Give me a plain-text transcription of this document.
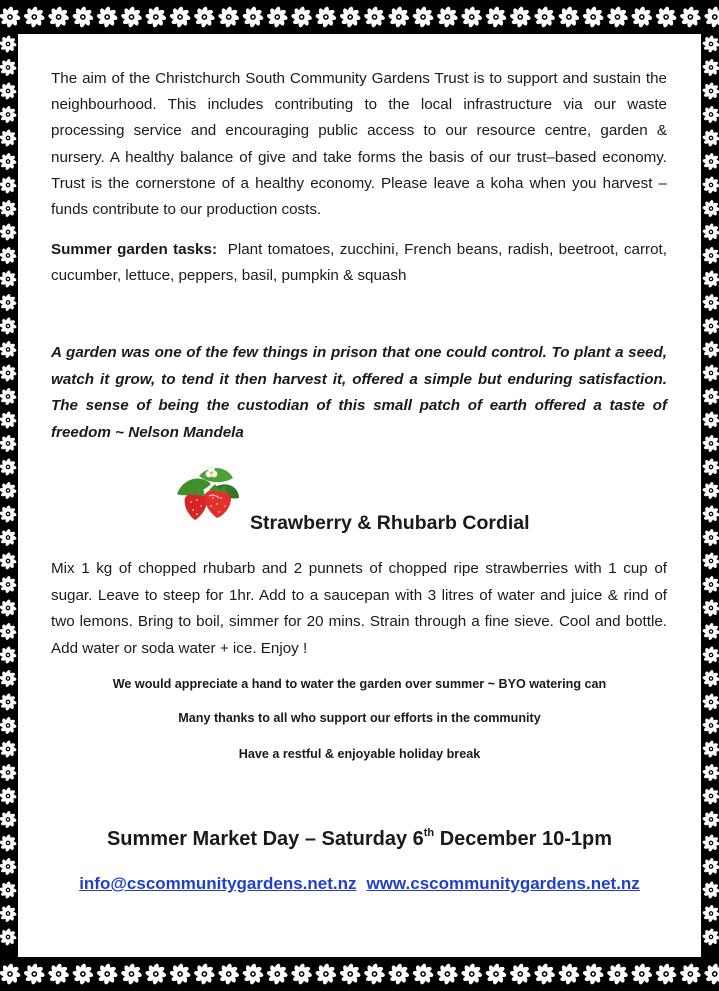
The aim of the Christchurch South Community Gardens Trust is to support and sustain the neighbourhood. This includes contributing to the local infrastructure via our waste processing service and encouraging public access to our resource centre, garden & nursery. A healthy balance of give and take forms the basis of our trust–based economy. Trust is the cornerstone of a healthy economy. Please leave a koha when you harvest – funds contribute to our production costs.
Summer garden tasks: Plant tomatoes, zucchini, French beans, radish, beetroot, carrot, cucumber, lettuce, peppers, basil, pumpkin & squash
A garden was one of the few things in prison that one could control. To plant a seed, watch it grow, to tend it then harvest it, offered a simple but enduring satisfaction. The sense of being the custodian of this small patch of earth offered a taste of freedom ~ Nelson Mandela
Strawberry & Rhubarb Cordial
Mix 1 kg of chopped rhubarb and 2 punnets of chopped ripe strawberries with 1 cup of sugar. Leave to steep for 1hr. Add to a saucepan with 3 litres of water and juice & rind of two lemons. Bring to boil, simmer for 20 mins. Strain through a fine sieve. Cool and bottle. Add water or soda water + ice. Enjoy !
We would appreciate a hand to water the garden over summer ~ BYO watering can
Many thanks to all who support our efforts in the community
Have a restful & enjoyable holiday break
Summer Market Day – Saturday 6th December 10-1pm
info@cscommunitygardens.net.nz www.cscommunitygardens.net.nz
